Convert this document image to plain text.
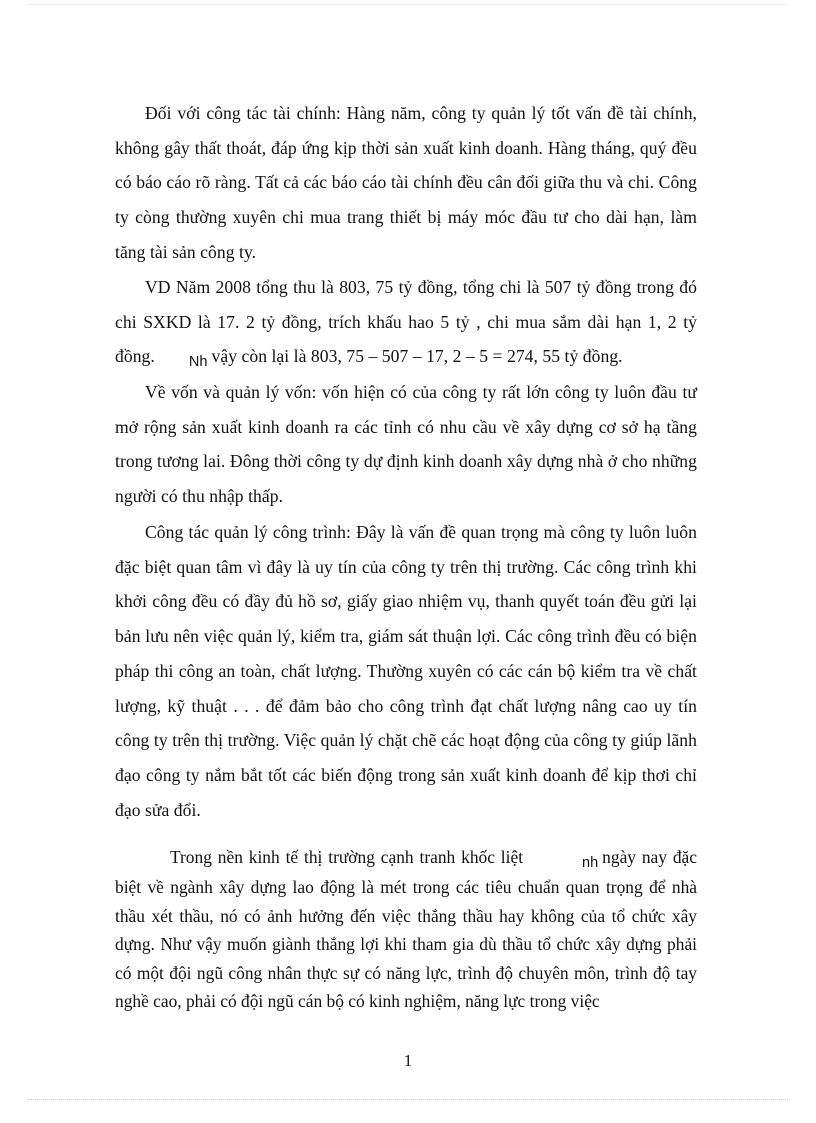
Đối với công tác tài chính: Hàng năm, công ty quản lý tốt vấn đề tài chính, không gây thất thoát, đáp ứng kịp thời sản xuất kinh doanh. Hàng tháng, quý đều có báo cáo rõ ràng. Tất cả các báo cáo tài chính đều cân đối giữa thu và chi. Công ty còng thường xuyên chi mua trang thiết bị máy móc đầu tư cho dài hạn, làm tăng tài sản công ty.

VD Năm 2008 tổng thu là 803, 75 tỷ đồng, tổng chi là 507 tỷ đồng trong đó chi SXKD là 17. 2 tỷ đồng, trích khấu hao 5 tỷ , chi mua sắm dài hạn 1, 2 tỷ đồng. Nh vậy còn lại là 803, 75 – 507 – 17, 2 – 5 = 274, 55 tỷ đồng.

Về vốn và quản lý vốn: vốn hiện có của công ty rất lớn công ty luôn đầu tư mở rộng sản xuất kinh doanh ra các tỉnh có nhu cầu về xây dựng cơ sở hạ tầng trong tương lai. Đông thời công ty dự định kinh doanh xây dựng nhà ở cho những người có thu nhập thấp.

Công tác quản lý công trình: Đây là vấn đề quan trọng mà công ty luôn luôn đặc biệt quan tâm vì đây là uy tín của công ty trên thị trường. Các công trình khi khởi công đều có đầy đủ hồ sơ, giấy giao nhiệm vụ, thanh quyết toán đều gửi lại bản lưu nên việc quản lý, kiểm tra, giám sát thuận lợi. Các công trình đều có biện pháp thi công an toàn, chất lượng. Thường xuyên có các cán bộ kiểm tra về chất lượng, kỹ thuật . . . để đảm bảo cho công trình đạt chất lượng nâng cao uy tín công ty trên thị trường. Việc quản lý chặt chẽ các hoạt động của công ty giúp lãnh đạo công ty nắm bắt tốt các biến động trong sản xuất kinh doanh để kịp thơi chỉ đạo sửa đổi.

Trong nền kinh tế thị trường cạnh tranh khốc liệt	nh ngày nay đặc biệt về ngành xây dựng lao động là mét trong các tiêu chuẩn quan trọng để nhà thầu xét thầu, nó có ảnh hưởng đến việc thắng thầu hay không của tổ chức xây dựng. Như vậy muốn giành thắng lợi khi tham gia dù thầu tổ chức xây dựng phải có một đội ngũ công nhân thực sự có năng lực, trình độ chuyên môn, trình độ tay nghề cao, phải có đội ngũ cán bộ có kinh nghiệm, năng lực trong việc

1
